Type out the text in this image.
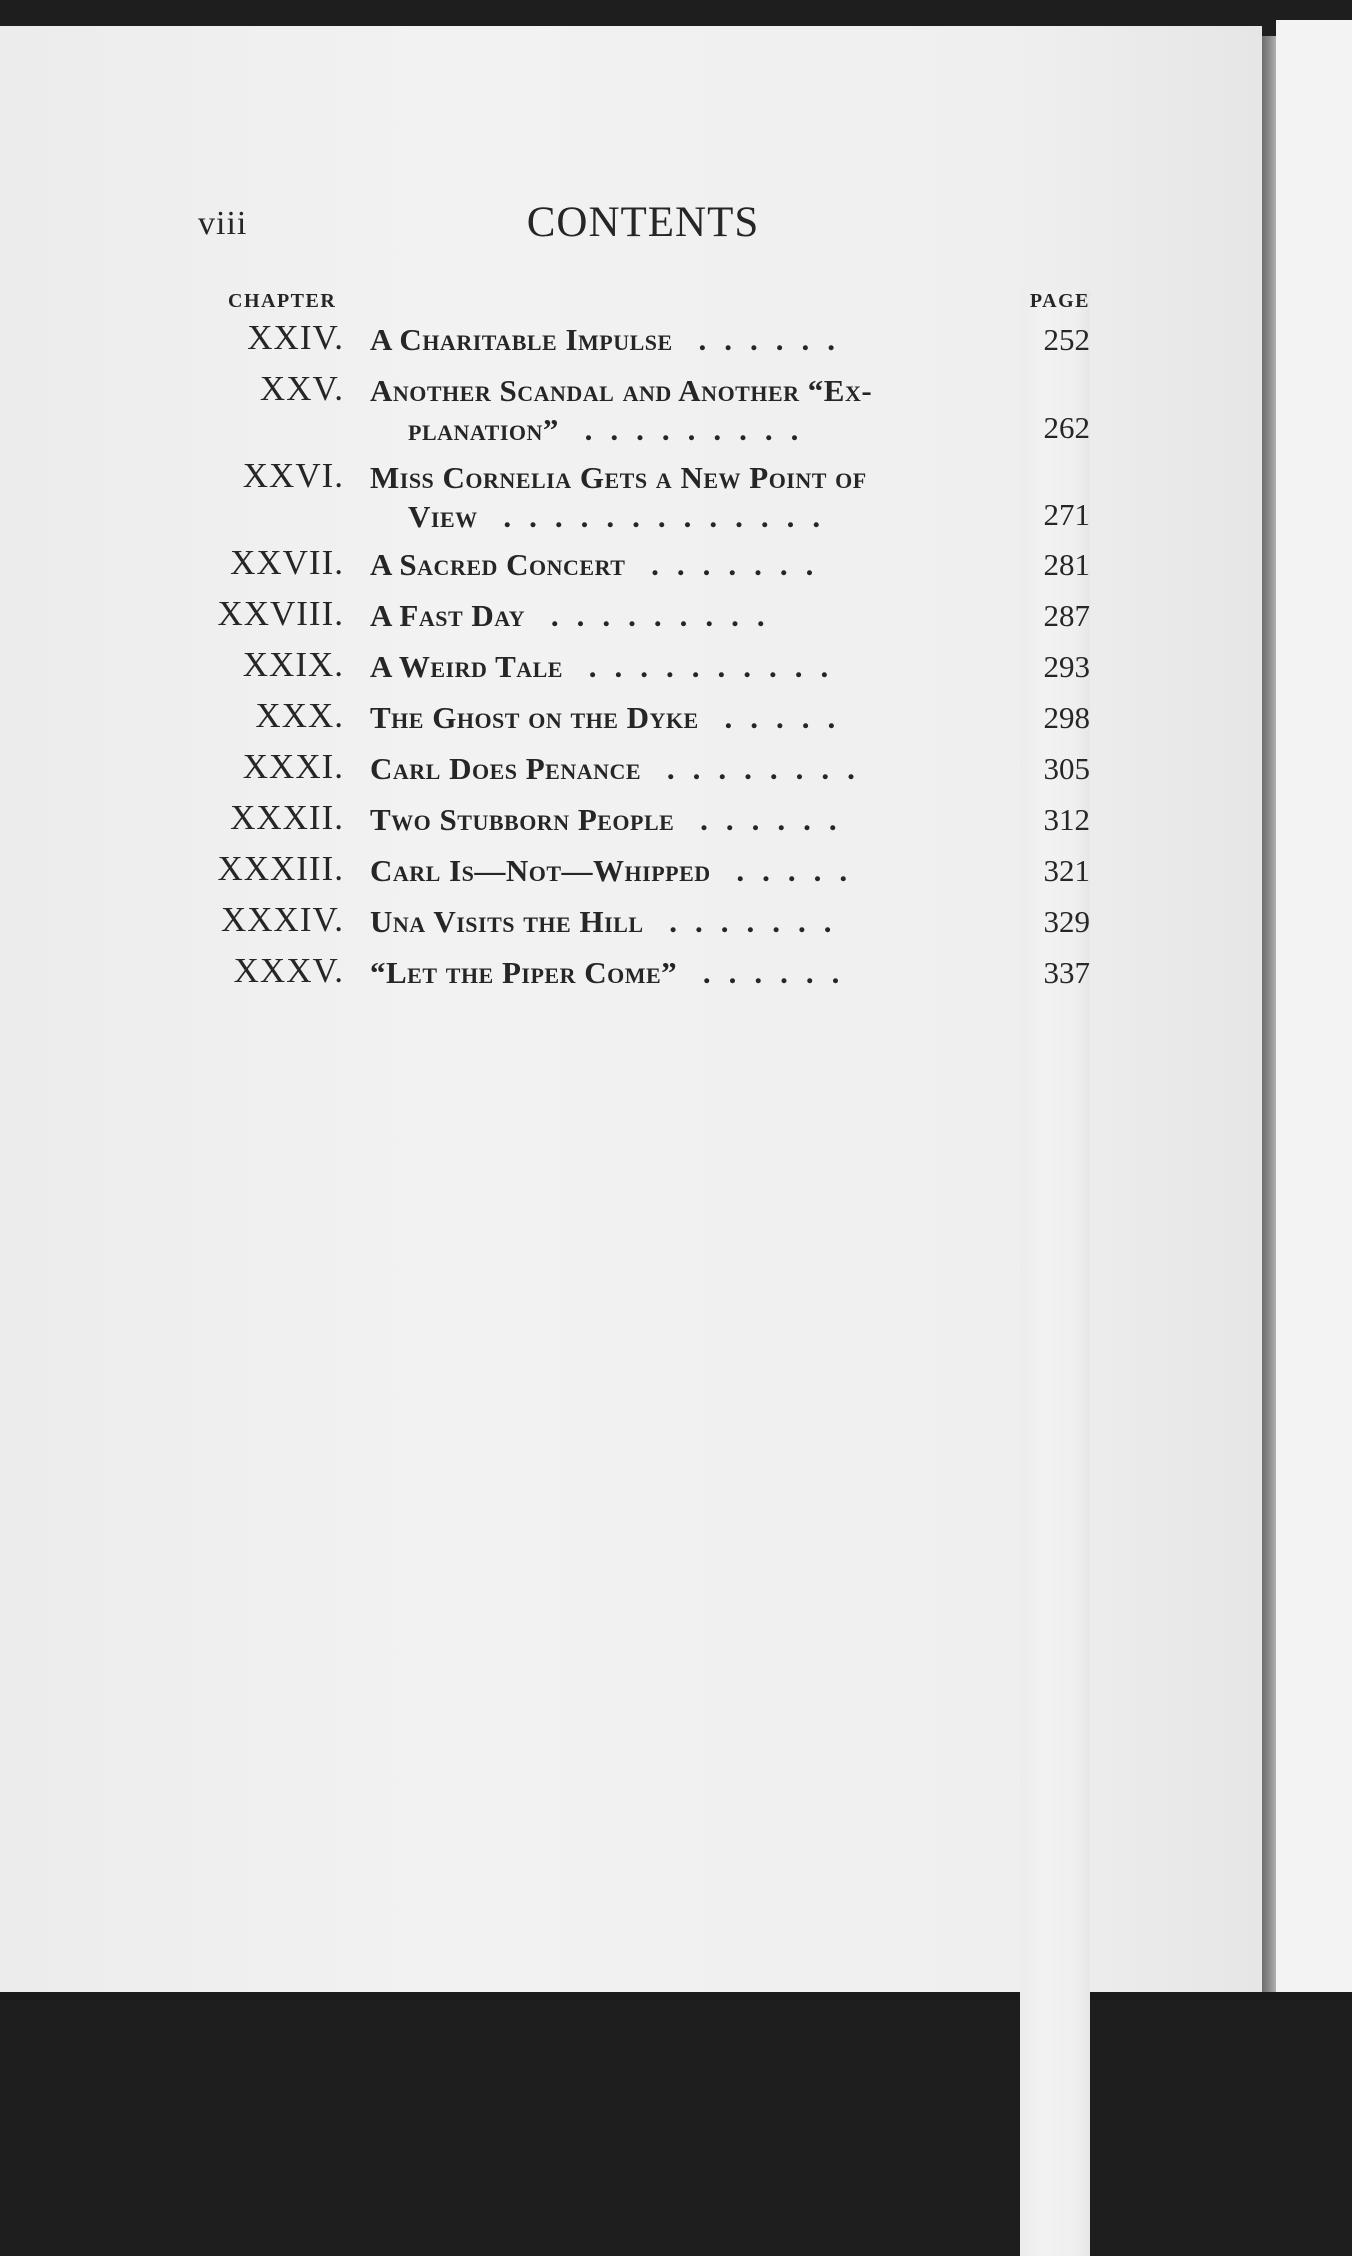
viii	CONTENTS
CHAPTER	PAGE
XXIV. A Charitable Impulse ......	252
XXV. Another Scandal and Another “Ex-
planation” .........	262
XXVI. Miss Cornelia Gets a New Point of
View .............	271
XXVII. A Sacred Concert .......	281
XXVIII. A Fast Day .........	287
XXIX. A Weird Tale ..........	293
XXX. The Ghost on the Dyke .....	298
XXXI. Carl Does Penance ........	305
XXXII. Two Stubborn People ......	312
XXXIII. Carl Is—Not—Whipped .....	321
XXXIV. Una Visits the Hill .......	329
XXXV. “Let the Piper Come” ......	337
